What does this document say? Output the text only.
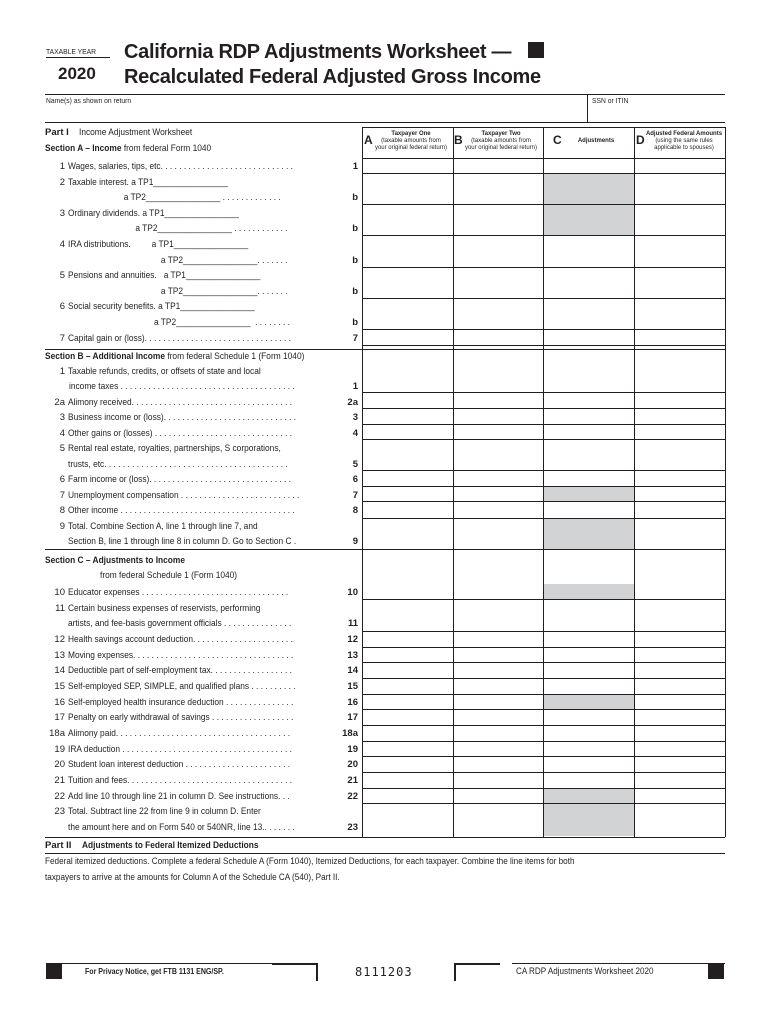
TAXABLE YEAR
2020
California RDP Adjustments Worksheet —
Recalculated Federal Adjusted Gross Income
Name(s) as shown on return	SSN or ITIN
Part I Income Adjustment Worksheet
Section A – Income from federal Form 1040
A	Taxpayer One
(taxable amounts from
your original federal return)
B	Taxpayer Two
(taxable amounts from
your original federal return)
C	Adjustments	D Adjusted Federal Amounts
(using the same rules
applicable to spouses)
1 Wages, salaries, tips, etc. . . . . . . . . . . . . . . . . . . . . . . . . . . . .	1
2 Taxable interest. a TP1________________
a TP2________________ . . . . . . . . . . . . .	b
3 Ordinary dividends. a TP1________________
a TP2________________ . . . . . . . . . . . .	b
4 IRA distributions.         a TP1________________
a TP2________________. . . . . . .	b
5 Pensions and annuities.   a TP1________________
a TP2________________. . . . . . .	b
6 Social security benefits. a TP1________________
a TP2________________  . . . . . . . .	b
7 Capital gain or (loss). . . . . . . . . . . . . . . . . . . . . . . . . . . . . . . .	7
Section B – Additional Income from federal Schedule 1 (Form 1040)
1 Taxable refunds, credits, or offsets of state and local
income taxes . . . . . . . . . . . . . . . . . . . . . . . . . . . . . . . . . . . . . .	1
2a Alimony received. . . . . . . . . . . . . . . . . . . . . . . . . . . . . . . . . . .	2a
3 Business income or (loss). . . . . . . . . . . . . . . . . . . . . . . . . . . . .	3
4 Other gains or (losses) . . . . . . . . . . . . . . . . . . . . . . . . . . . . . .	4
5 Rental real estate, royalties, partnerships, S corporations,
trusts, etc. . . . . . . . . . . . . . . . . . . . . . . . . . . . . . . . . . . . . . . .	5
6 Farm income or (loss). . . . . . . . . . . . . . . . . . . . . . . . . . . . . . .	6
7 Unemployment compensation . . . . . . . . . . . . . . . . . . . . . . . . . .	7
8 Other income . . . . . . . . . . . . . . . . . . . . . . . . . . . . . . . . . . . . . .	8
9 Total. Combine Section A, line 1 through line 7, and
Section B, line 1 through line 8 in column D. Go to Section C .	9
Section C – Adjustments to Income
from federal Schedule 1 (Form 1040)
10 Educator expenses . . . . . . . . . . . . . . . . . . . . . . . . . . . . . . . .	10
11 Certain business expenses of reservists, performing
artists, and fee-basis government officials . . . . . . . . . . . . . . .	11
12 Health savings account deduction. . . . . . . . . . . . . . . . . . . . . .	12
13 Moving expenses. . . . . . . . . . . . . . . . . . . . . . . . . . . . . . . . . . .	13
14 Deductible part of self-employment tax. . . . . . . . . . . . . . . . . .	14
15 Self-employed SEP, SIMPLE, and qualified plans . . . . . . . . . .	15
16 Self-employed health insurance deduction . . . . . . . . . . . . . . .	16
17 Penalty on early withdrawal of savings . . . . . . . . . . . . . . . . . .	17
18a Alimony paid. . . . . . . . . . . . . . . . . . . . . . . . . . . . . . . . . . . . . .	18a
19 IRA deduction . . . . . . . . . . . . . . . . . . . . . . . . . . . . . . . . . . . . .	19
20 Student loan interest deduction . . . . . . . . . . . . . . . . . . . . . . .	20
21 Tuition and fees. . . . . . . . . . . . . . . . . . . . . . . . . . . . . . . . . . . .	21
22 Add line 10 through line 21 in column D. See instructions. . .	22
23 Total. Subtract line 22 from line 9 in column D. Enter
the amount here and on Form 540 or 540NR, line 13.. . . . . . .	23
Part II Adjustments to Federal Itemized Deductions
Federal itemized deductions. Complete a federal Schedule A (Form 1040), Itemized Deductions, for each taxpayer. Combine the line items for both
taxpayers to arrive at the amounts for Column A of the Schedule CA (540), Part II.
For Privacy Notice, get FTB 1131 ENG/SP.	8111203	CA RDP Adjustments Worksheet 2020
